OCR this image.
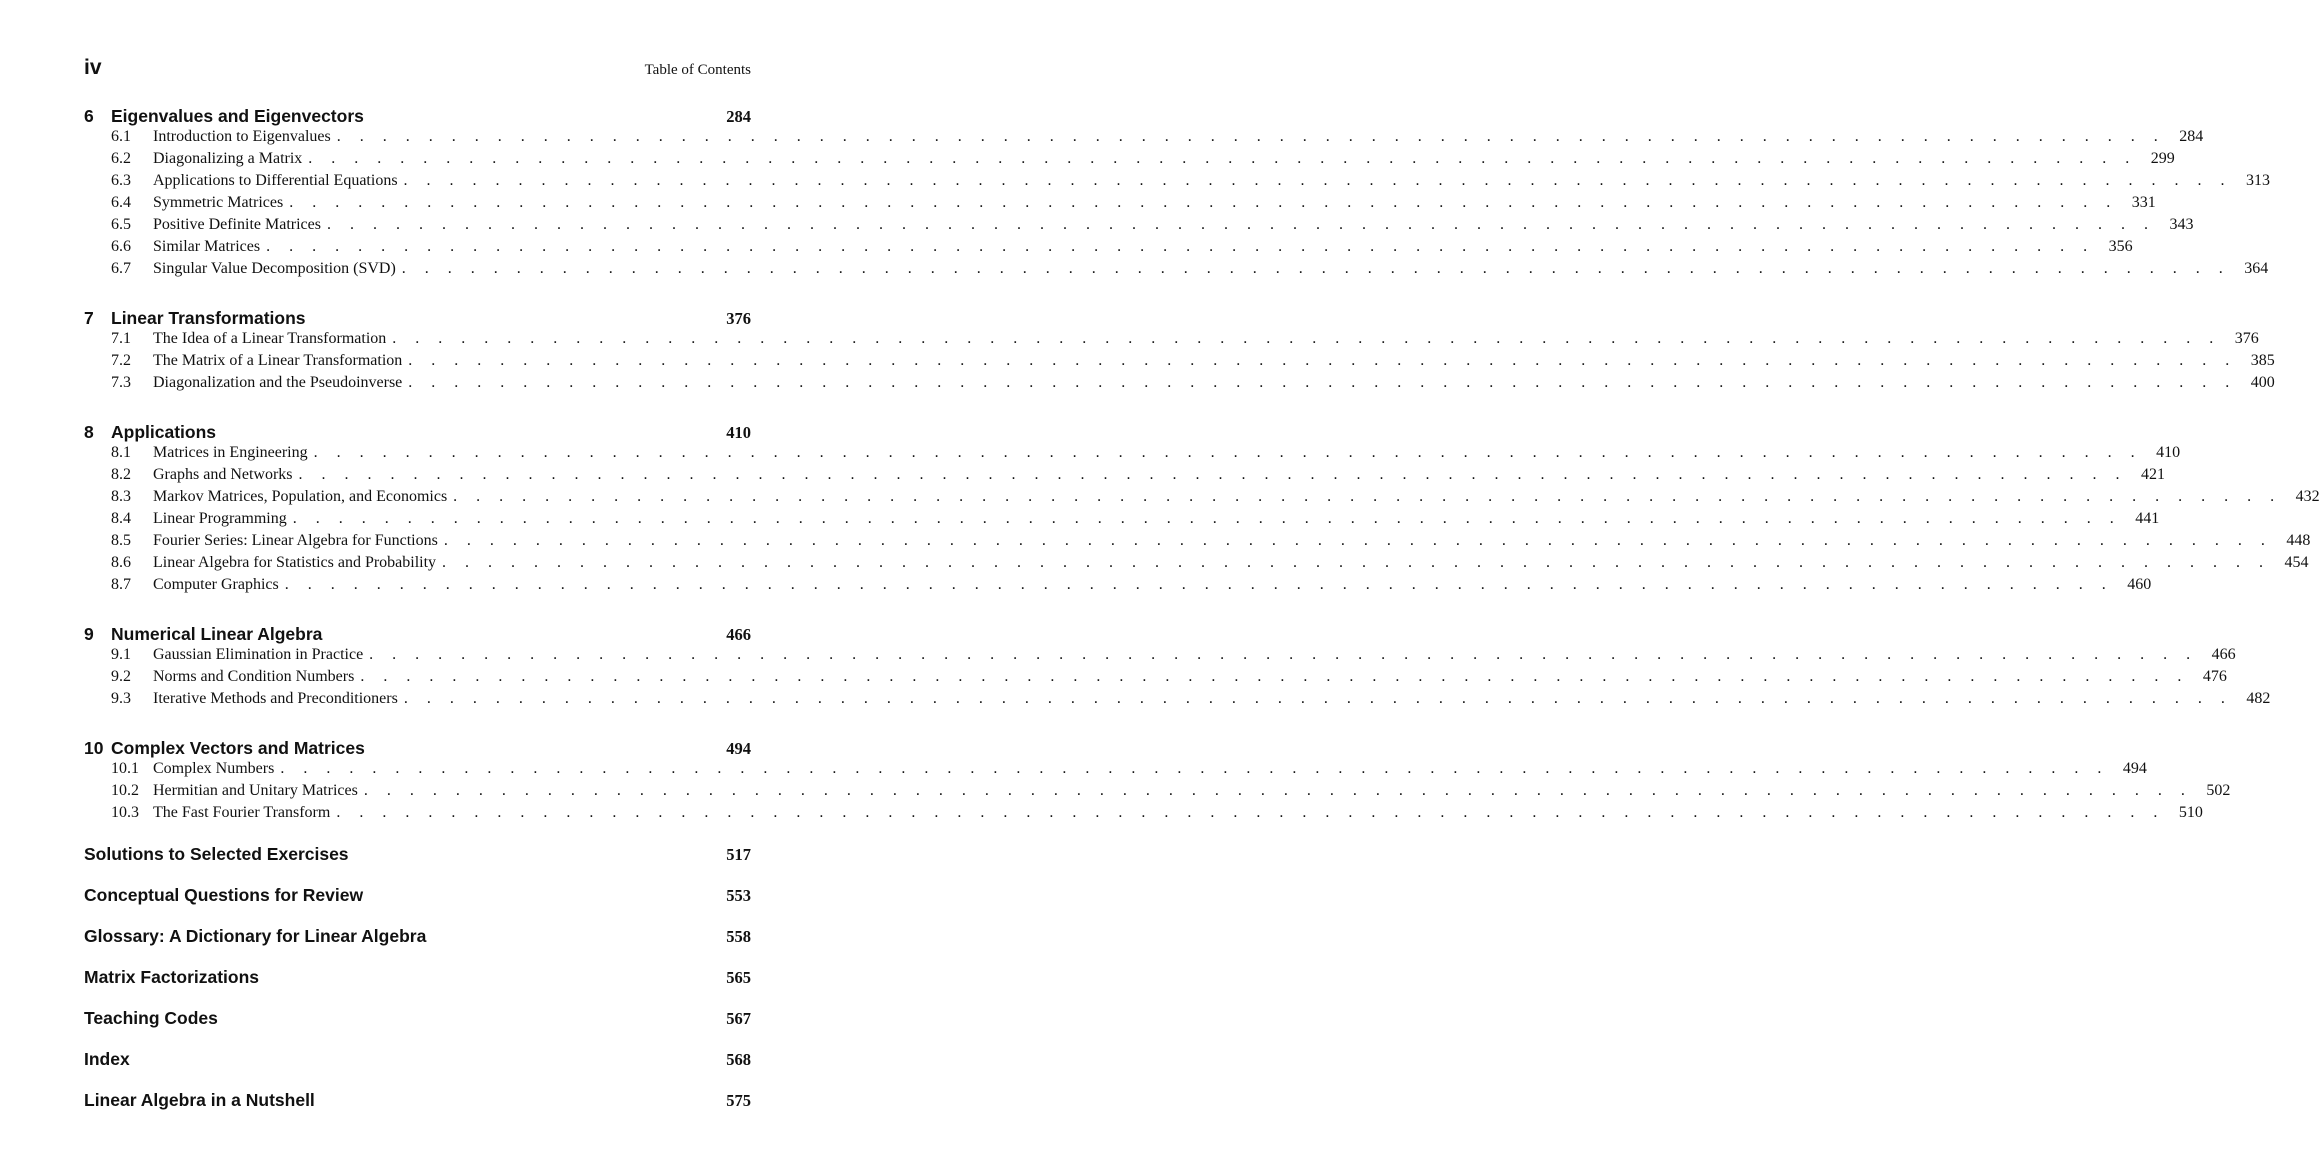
iv	Table of Contents
6 Eigenvalues and Eigenvectors	284
6.1	Introduction to Eigenvalues . . . . . . . . . . . . . . . . . . . . . . . . . . . . . . . . . . . . . . . . . . . . . . . . . . . . . . . . . . . . . . . . . . . . . . . . . . . . . . . . 284
6.2	Diagonalizing a Matrix . . . . . . . . . . . . . . . . . . . . . . . . . . . . . . . . . . . . . . . . . . . . . . . . . . . . . . . . . . . . . . . . . . . . . . . . . . . . . . . . 299
6.3	Applications to Differential Equations . . . . . . . . . . . . . . . . . . . . . . . . . . . . . . . . . . . . . . . . . . . . . . . . . . . . . . . . . . . . . . . . . . . . . . . . . . . . . . . . 313
6.4	Symmetric Matrices . . . . . . . . . . . . . . . . . . . . . . . . . . . . . . . . . . . . . . . . . . . . . . . . . . . . . . . . . . . . . . . . . . . . . . . . . . . . . . . . 331
6.5	Positive Definite Matrices . . . . . . . . . . . . . . . . . . . . . . . . . . . . . . . . . . . . . . . . . . . . . . . . . . . . . . . . . . . . . . . . . . . . . . . . . . . . . . . . 343
6.6	Similar Matrices . . . . . . . . . . . . . . . . . . . . . . . . . . . . . . . . . . . . . . . . . . . . . . . . . . . . . . . . . . . . . . . . . . . . . . . . . . . . . . . . 356
6.7	Singular Value Decomposition (SVD) . . . . . . . . . . . . . . . . . . . . . . . . . . . . . . . . . . . . . . . . . . . . . . . . . . . . . . . . . . . . . . . . . . . . . . . . . . . . . . . . 364
7 Linear Transformations	376
7.1	The Idea of a Linear Transformation . . . . . . . . . . . . . . . . . . . . . . . . . . . . . . . . . . . . . . . . . . . . . . . . . . . . . . . . . . . . . . . . . . . . . . . . . . . . . . . . 376
7.2	The Matrix of a Linear Transformation . . . . . . . . . . . . . . . . . . . . . . . . . . . . . . . . . . . . . . . . . . . . . . . . . . . . . . . . . . . . . . . . . . . . . . . . . . . . . . . . 385
7.3	Diagonalization and the Pseudoinverse . . . . . . . . . . . . . . . . . . . . . . . . . . . . . . . . . . . . . . . . . . . . . . . . . . . . . . . . . . . . . . . . . . . . . . . . . . . . . . . . 400
8 Applications	410
8.1	Matrices in Engineering . . . . . . . . . . . . . . . . . . . . . . . . . . . . . . . . . . . . . . . . . . . . . . . . . . . . . . . . . . . . . . . . . . . . . . . . . . . . . . . . 410
8.2	Graphs and Networks . . . . . . . . . . . . . . . . . . . . . . . . . . . . . . . . . . . . . . . . . . . . . . . . . . . . . . . . . . . . . . . . . . . . . . . . . . . . . . . . 421
8.3	Markov Matrices, Population, and Economics . . . . . . . . . . . . . . . . . . . . . . . . . . . . . . . . . . . . . . . . . . . . . . . . . . . . . . . . . . . . . . . . . . . . . . . . . . . . . . . . 432
8.4	Linear Programming . . . . . . . . . . . . . . . . . . . . . . . . . . . . . . . . . . . . . . . . . . . . . . . . . . . . . . . . . . . . . . . . . . . . . . . . . . . . . . . . 441
8.5	Fourier Series: Linear Algebra for Functions . . . . . . . . . . . . . . . . . . . . . . . . . . . . . . . . . . . . . . . . . . . . . . . . . . . . . . . . . . . . . . . . . . . . . . . . . . . . . . . . 448
8.6	Linear Algebra for Statistics and Probability . . . . . . . . . . . . . . . . . . . . . . . . . . . . . . . . . . . . . . . . . . . . . . . . . . . . . . . . . . . . . . . . . . . . . . . . . . . . . . . . 454
8.7	Computer Graphics . . . . . . . . . . . . . . . . . . . . . . . . . . . . . . . . . . . . . . . . . . . . . . . . . . . . . . . . . . . . . . . . . . . . . . . . . . . . . . . . 460
9 Numerical Linear Algebra	466
9.1	Gaussian Elimination in Practice . . . . . . . . . . . . . . . . . . . . . . . . . . . . . . . . . . . . . . . . . . . . . . . . . . . . . . . . . . . . . . . . . . . . . . . . . . . . . . . . 466
9.2	Norms and Condition Numbers . . . . . . . . . . . . . . . . . . . . . . . . . . . . . . . . . . . . . . . . . . . . . . . . . . . . . . . . . . . . . . . . . . . . . . . . . . . . . . . . 476
9.3	Iterative Methods and Preconditioners . . . . . . . . . . . . . . . . . . . . . . . . . . . . . . . . . . . . . . . . . . . . . . . . . . . . . . . . . . . . . . . . . . . . . . . . . . . . . . . . 482
10 Complex Vectors and Matrices	494
10.1 Complex Numbers . . . . . . . . . . . . . . . . . . . . . . . . . . . . . . . . . . . . . . . . . . . . . . . . . . . . . . . . . . . . . . . . . . . . . . . . . . . . . . . . 494
10.2 Hermitian and Unitary Matrices . . . . . . . . . . . . . . . . . . . . . . . . . . . . . . . . . . . . . . . . . . . . . . . . . . . . . . . . . . . . . . . . . . . . . . . . . . . . . . . . 502
10.3 The Fast Fourier Transform . . . . . . . . . . . . . . . . . . . . . . . . . . . . . . . . . . . . . . . . . . . . . . . . . . . . . . . . . . . . . . . . . . . . . . . . . . . . . . . . 510
Solutions to Selected Exercises	517
Conceptual Questions for Review	553
Glossary: A Dictionary for Linear Algebra	558
Matrix Factorizations	565
Teaching Codes	567
Index	568
Linear Algebra in a Nutshell	575
